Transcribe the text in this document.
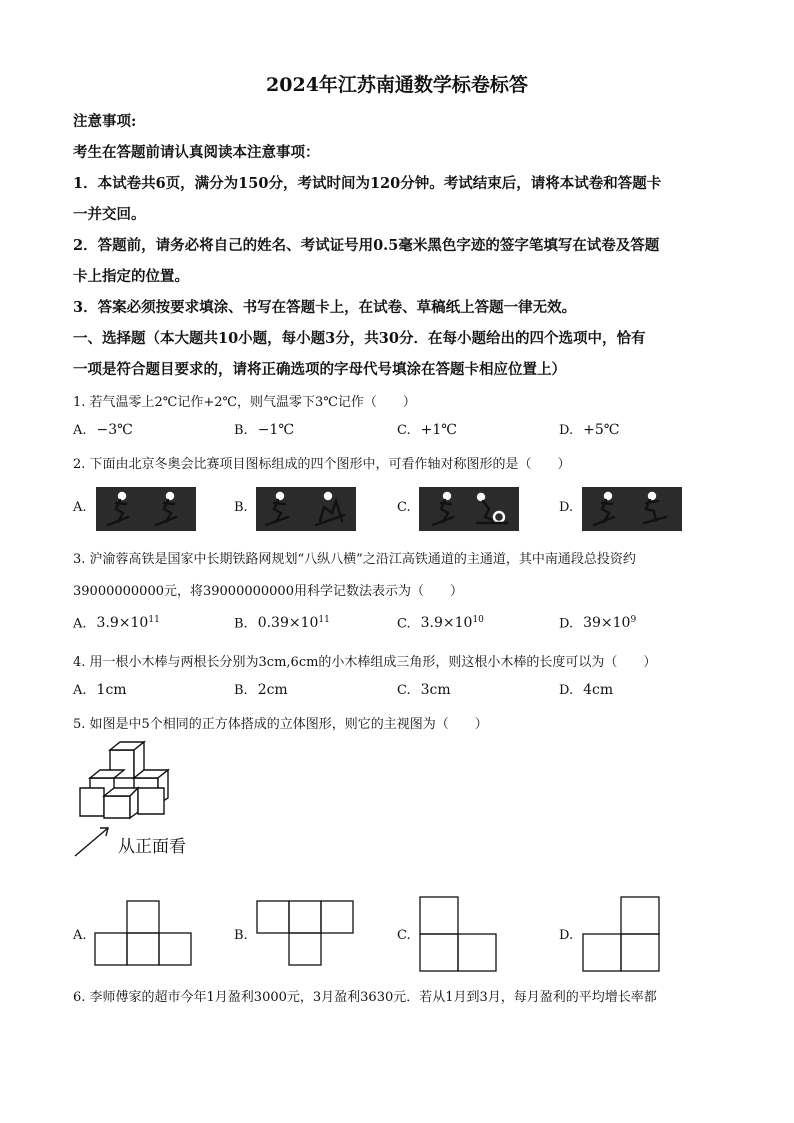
2024年江苏南通数学标卷标答
注意事项:
考生在答题前请认真阅读本注意事项：
1．本试卷共6页，满分为150分，考试时间为120分钟。考试结束后，请将本试卷和答题卡
一并交回。
2．答题前，请务必将自己的姓名、考试证号用0.5毫米黑色字迹的签字笔填写在试卷及答题
卡上指定的位置。
3．答案必须按要求填涂、书写在答题卡上，在试卷、草稿纸上答题一律无效。
一、选择题（本大题共10小题，每小题3分，共30分．在每小题给出的四个选项中，恰有
一项是符合题目要求的，请将正确选项的字母代号填涂在答题卡相应位置上）
1. 若气温零上2℃记作+2℃，则气温零下3℃记作（　　）
A. −3℃	B. −1℃	C. +1℃	D. +5℃
2. 下面由北京冬奥会比赛项目图标组成的四个图形中，可看作轴对称图形的是（　　）
A.	B.	C.	D.
3. 沪渝蓉高铁是国家中长期铁路网规划“八纵八横”之沿江高铁通道的主通道，其中南通段总投资约
39000000000元，将39000000000用科学记数法表示为（　　）
A. $3.9\times 10^{11}$	B. $0.39\times 10^{11}$	C. $3.9\times 10^{10}$	D. $39\times 10^9$
4. 用一根小木棒与两根长分别为3cm,6cm的小木棒组成三角形，则这根小木棒的长度可以为（　　）
A. 1cm	B. 2cm	C. 3cm	D. 4cm
5. 如图是中5个相同的正方体搭成的立体图形，则它的主视图为（　　）
从正面看
A.	B.	C.	D.
6. 李师傅家的超市今年1月盈利3000元，3月盈利3630元．若从1月到3月，每月盈利的平均增长率都
